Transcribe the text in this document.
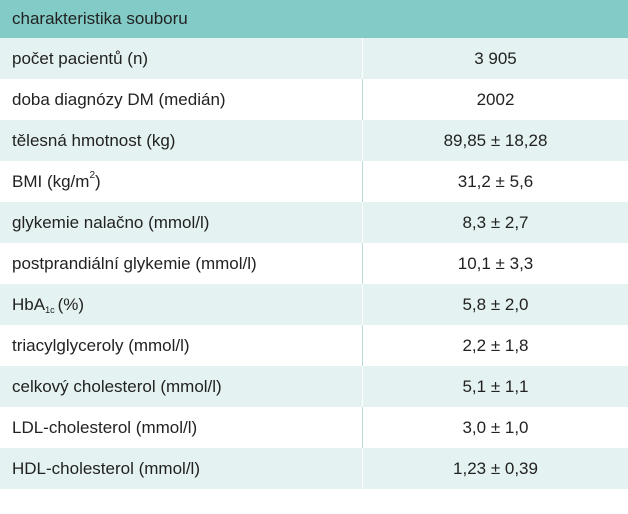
charakteristika souboru
počet pacientů (n)	3 905
doba diagnózy DM (medián)	2002
tělesná hmotnost (kg)	89,85 ± 18,28
BMI (kg/m 2 )	31,2 ± 5,6
glykemie nalačno (mmol/l)	8,3 ± 2,7
postprandiální glykemie (mmol/l)	10,1 ± 3,3
HbA 1c (%)	5,8 ± 2,0
triacylglyceroly (mmol/l)	2,2 ± 1,8
celkový cholesterol (mmol/l)	5,1 ± 1,1
LDL-cholesterol (mmol/l)	3,0 ± 1,0
HDL-cholesterol (mmol/l)	1,23 ± 0,39
